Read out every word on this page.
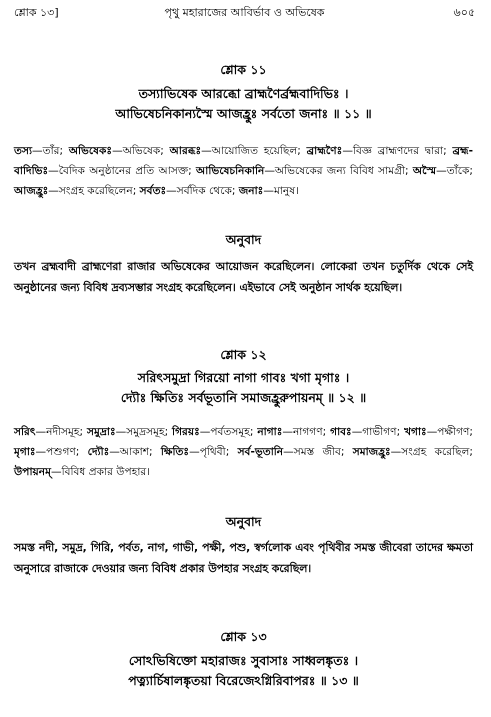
শ্লোক ১৩]	পৃথু মহারাজের আবির্ভাব ও অভিষেক	৬০৫
শ্লোক ১১
তস্যাভিষেক আরব্ধো ব্রাহ্মণৈর্ব্রহ্মবাদিভিঃ ।
আভিষেচনিকান্যস্মৈ আজহ্রুঃ সর্বতো জনাঃ ॥ ১১ ॥
তস্য—তাঁর; অভিষেকঃ—অভিষেক; আরব্ধঃ—আয়োজিত হয়েছিল; ব্রাহ্মণৈঃ—বিজ্ঞ ব্রাহ্মণদের দ্বারা; ব্রহ্ম-বাদিভিঃ—বৈদিক অনুষ্ঠানের প্রতি আসক্ত; আভিষেচনিকানি—অভিষেকের জন্য বিবিধ সামগ্রী; অস্মৈ—তাঁকে; আজহ্রুঃ—সংগ্রহ করেছিলেন; সর্বতঃ—সর্বদিক থেকে; জনাঃ—মানুষ।
অনুবাদ
তখন ব্রহ্মবাদী ব্রাহ্মণেরা রাজার অভিষেকের আয়োজন করেছিলেন। লোকেরা তখন চতুর্দিক থেকে সেই অনুষ্ঠানের জন্য বিবিধ দ্রব্যসম্ভার সংগ্রহ করেছিলেন। এইভাবে সেই অনুষ্ঠান সার্থক হয়েছিল।
শ্লোক ১২
সরিৎসমুদ্রা গিরয়ো নাগা গাবঃ খগা মৃগাঃ ।
দ্যৌঃ ক্ষিতিঃ সর্বভূতানি সমাজহ্রুরুপায়নম্ ॥ ১২ ॥
সরিৎ—নদীসমূহ; সমুদ্রাঃ—সমুদ্রসমূহ; গিরয়ঃ—পর্বতসমূহ; নাগাঃ—নাগগণ; গাবঃ—গাভীগণ; খগাঃ—পক্ষীগণ; মৃগাঃ—পশুগণ; দ্যৌঃ—আকাশ; ক্ষিতিঃ—পৃথিবী; সর্ব-ভূতানি—সমস্ত জীব; সমাজহ্রুঃ—সংগ্রহ করেছিল; উপায়নম্—বিবিধ প্রকার উপহার।
অনুবাদ
সমস্ত নদী, সমুদ্র, গিরি, পর্বত, নাগ, গাভী, পক্ষী, পশু, স্বর্গলোক এবং পৃথিবীর সমস্ত জীবেরা তাদের ক্ষমতা অনুসারে রাজাকে দেওয়ার জন্য বিবিধ প্রকার উপহার সংগ্রহ করেছিল।
শ্লোক ১৩
সোঽভিষিক্তো মহারাজঃ সুবাসাঃ সাধ্বলঙ্কৃতঃ ।
পত্ন্যার্চিষালঙ্কৃতয়া বিরেজেঽগ্নিরিবাপরঃ ॥ ১৩ ॥
